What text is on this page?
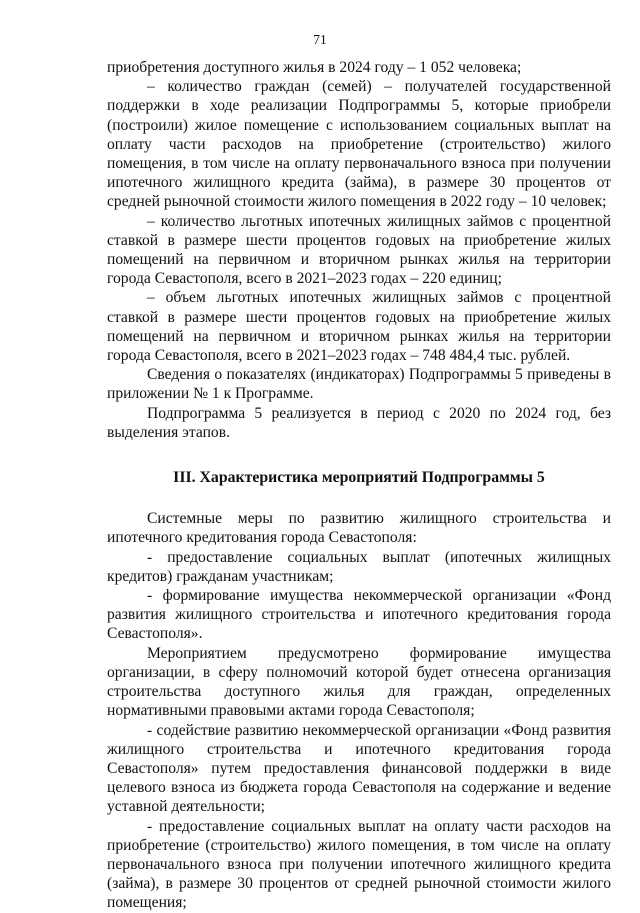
71

приобретения доступного жилья в 2024 году – 1 052 человека;

– количество граждан (семей) – получателей государственной поддержки в ходе реализации Подпрограммы 5, которые приобрели (построили) жилое помещение с использованием социальных выплат на оплату части расходов на приобретение (строительство) жилого помещения, в том числе на оплату первоначального взноса при получении ипотечного жилищного кредита (займа), в размере 30 процентов от средней рыночной стоимости жилого помещения в 2022 году – 10 человек;

– количество льготных ипотечных жилищных займов с процентной ставкой в размере шести процентов годовых на приобретение жилых помещений на первичном и вторичном рынках жилья на территории города Севастополя, всего в 2021–2023 годах – 220 единиц;

– объем льготных ипотечных жилищных займов с процентной ставкой в размере шести процентов годовых на приобретение жилых помещений на первичном и вторичном рынках жилья на территории города Севастополя, всего в 2021–2023 годах – 748 484,4 тыс. рублей.

Сведения о показателях (индикаторах) Подпрограммы 5 приведены в приложении № 1 к Программе.

Подпрограмма 5 реализуется в период с 2020 по 2024 год, без выделения этапов.

III. Характеристика мероприятий Подпрограммы 5

Системные меры по развитию жилищного строительства и ипотечного кредитования города Севастополя:

- предоставление социальных выплат (ипотечных жилищных кредитов) гражданам участникам;

- формирование имущества некоммерческой организации «Фонд развития жилищного строительства и ипотечного кредитования города Севастополя».

Мероприятием предусмотрено формирование имущества организации, в сферу полномочий которой будет отнесена организация строительства доступного жилья для граждан, определенных нормативными правовыми актами города Севастополя;

- содействие развитию некоммерческой организации «Фонд развития жилищного строительства и ипотечного кредитования города Севастополя» путем предоставления финансовой поддержки в виде целевого взноса из бюджета города Севастополя на содержание и ведение уставной деятельности;

- предоставление социальных выплат на оплату части расходов на приобретение (строительство) жилого помещения, в том числе на оплату первоначального взноса при получении ипотечного жилищного кредита (займа), в размере 30 процентов от средней рыночной стоимости жилого помещения;
